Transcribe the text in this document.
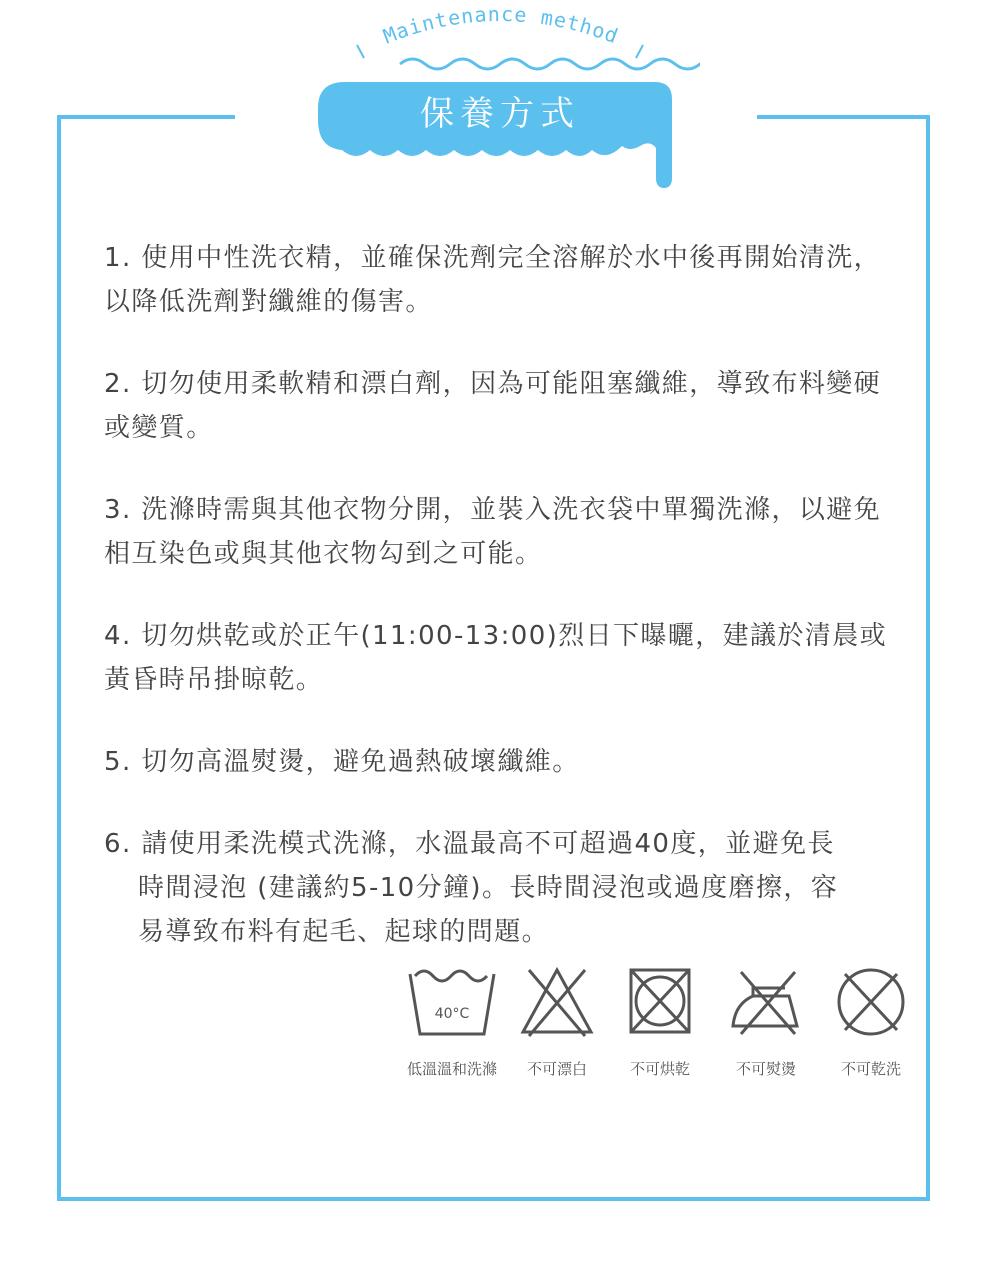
Maintenance method
保養方式

1. 使用中性洗衣精，並確保洗劑完全溶解於水中後再開始清洗，以降低洗劑對纖維的傷害。

2. 切勿使用柔軟精和漂白劑，因為可能阻塞纖維，導致布料變硬或變質。

3. 洗滌時需與其他衣物分開，並裝入洗衣袋中單獨洗滌，以避免相互染色或與其他衣物勾到之可能。

4. 切勿烘乾或於正午(11:00-13:00)烈日下曝曬，建議於清晨或黃昏時吊掛晾乾。

5. 切勿高溫熨燙，避免過熱破壞纖維。

6. 請使用柔洗模式洗滌，水溫最高不可超過40度，並避免長
時間浸泡 (建議約5-10分鐘)。長時間浸泡或過度磨擦，容
易導致布料有起毛、起球的問題。

40°C
低溫溫和洗滌	不可漂白	不可烘乾	不可熨燙	不可乾洗
